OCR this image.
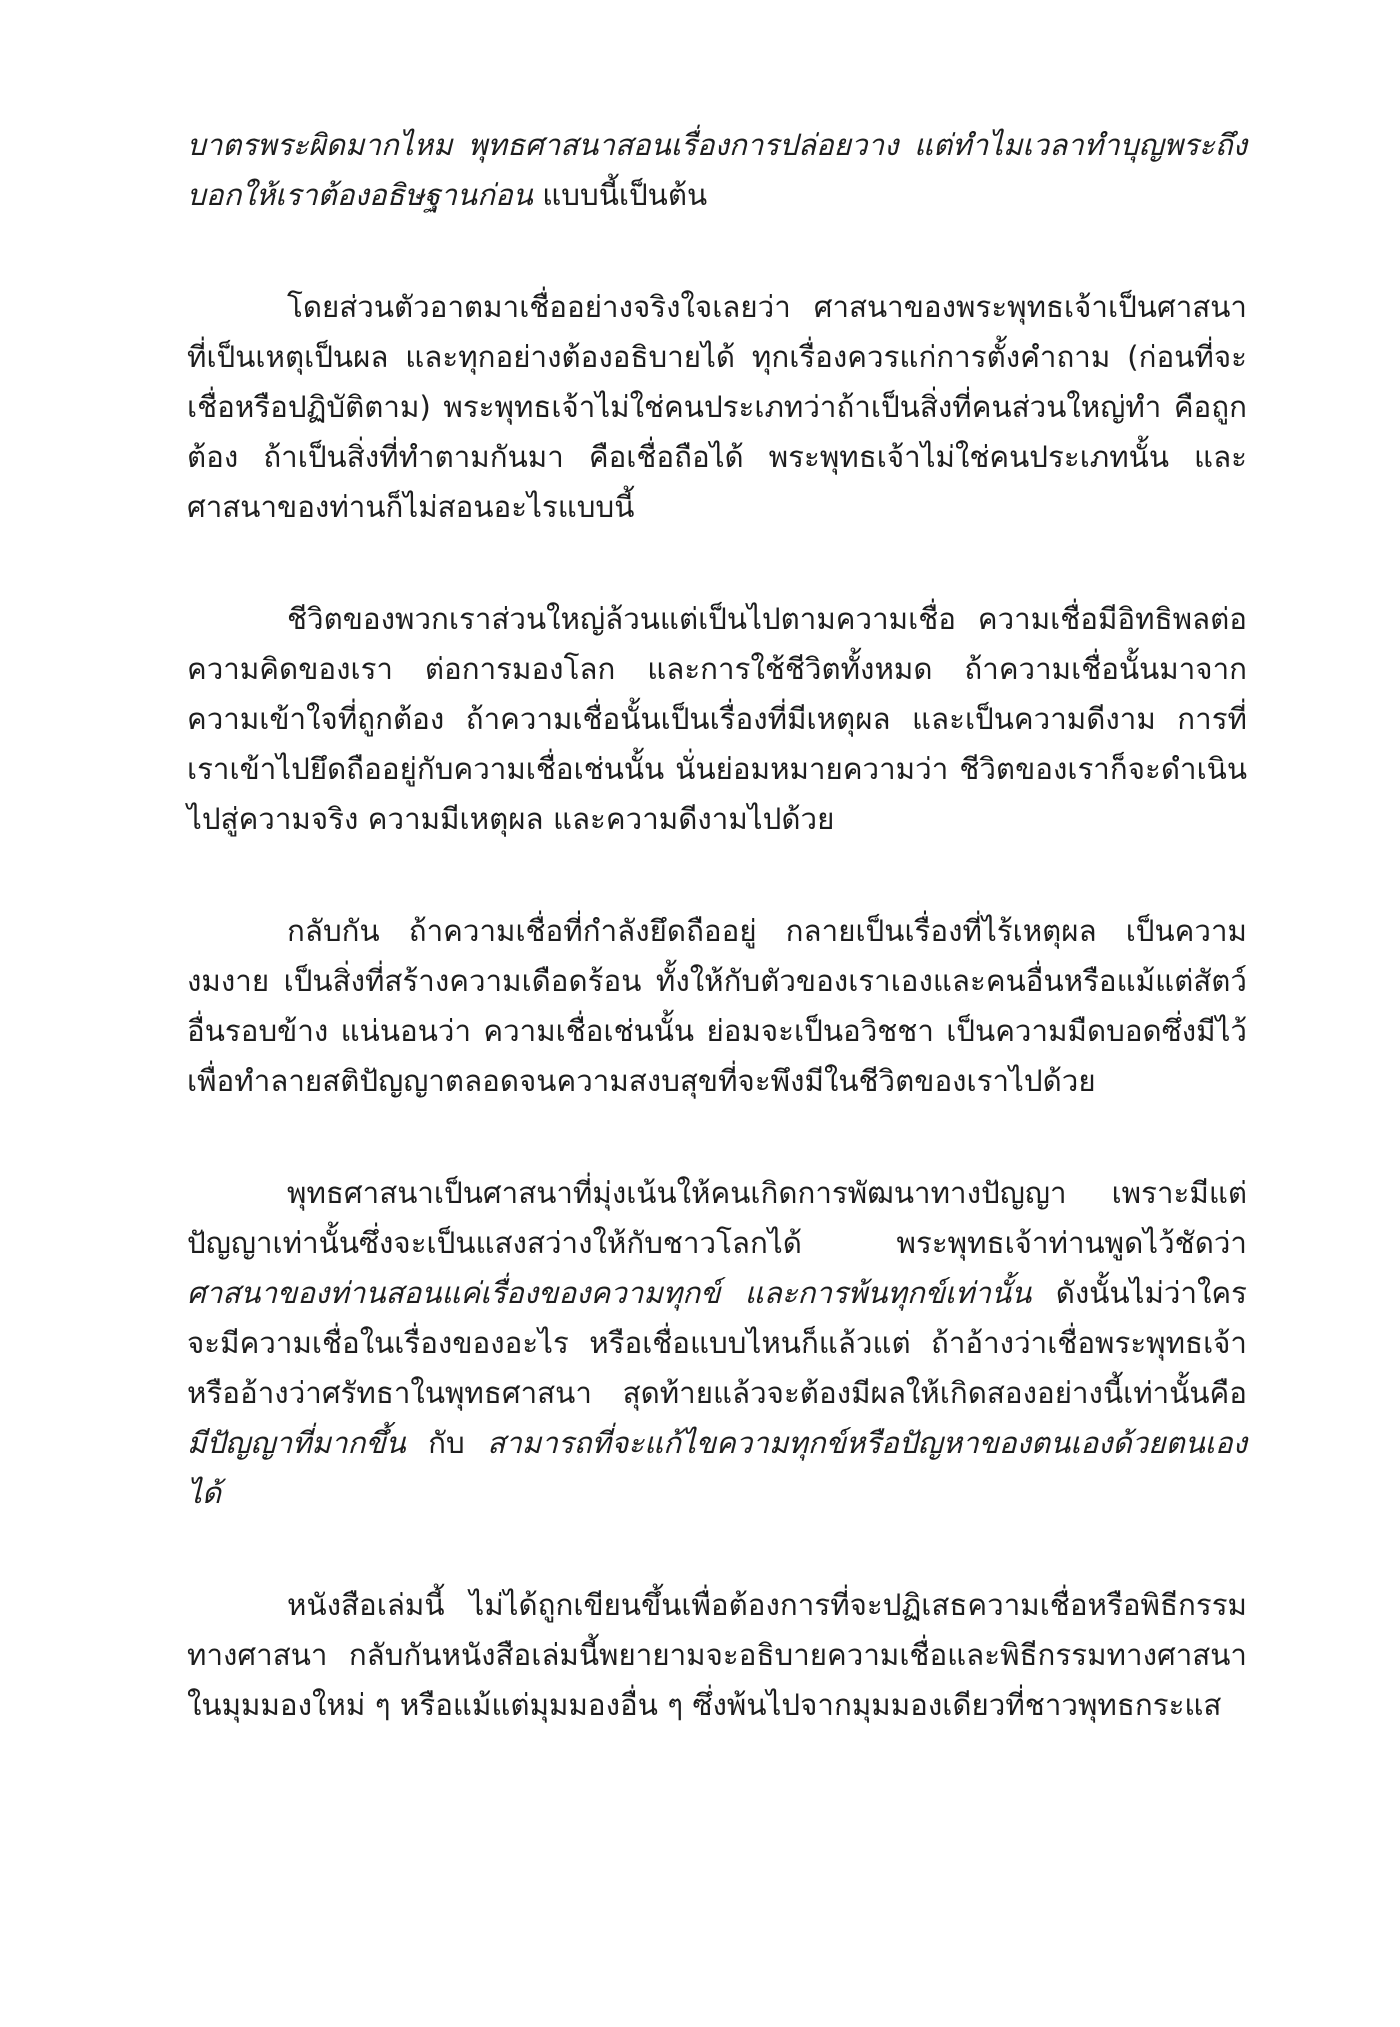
บาตรพระผิดมากไหม พุทธศาสนาสอนเรื่องการปล่อยวาง แต่ทำไมเวลาทำบุญพระถึงบอกให้เราต้องอธิษฐานก่อน แบบนี้เป็นต้น

โดยส่วนตัวอาตมาเชื่ออย่างจริงใจเลยว่า ศาสนาของพระพุทธเจ้าเป็นศาสนาที่เป็นเหตุเป็นผล และทุกอย่างต้องอธิบายได้ ทุกเรื่องควรแก่การตั้งคำถาม (ก่อนที่จะเชื่อหรือปฏิบัติตาม) พระพุทธเจ้าไม่ใช่คนประเภทว่าถ้าเป็นสิ่งที่คนส่วนใหญ่ทำ คือถูกต้อง ถ้าเป็นสิ่งที่ทำตามกันมา คือเชื่อถือได้ พระพุทธเจ้าไม่ใช่คนประเภทนั้น และศาสนาของท่านก็ไม่สอนอะไรแบบนี้

ชีวิตของพวกเราส่วนใหญ่ล้วนแต่เป็นไปตามความเชื่อ ความเชื่อมีอิทธิพลต่อความคิดของเรา ต่อการมองโลก และการใช้ชีวิตทั้งหมด ถ้าความเชื่อนั้นมาจากความเข้าใจที่ถูกต้อง ถ้าความเชื่อนั้นเป็นเรื่องที่มีเหตุผล และเป็นความดีงาม การที่เราเข้าไปยึดถืออยู่กับความเชื่อเช่นนั้น นั่นย่อมหมายความว่า ชีวิตของเราก็จะดำเนินไปสู่ความจริง ความมีเหตุผล และความดีงามไปด้วย

กลับกัน ถ้าความเชื่อที่กำลังยึดถืออยู่ กลายเป็นเรื่องที่ไร้เหตุผล เป็นความงมงาย เป็นสิ่งที่สร้างความเดือดร้อน ทั้งให้กับตัวของเราเองและคนอื่นหรือแม้แต่สัตว์อื่นรอบข้าง แน่นอนว่า ความเชื่อเช่นนั้น ย่อมจะเป็นอวิชชา เป็นความมืดบอดซึ่งมีไว้เพื่อทำลายสติปัญญาตลอดจนความสงบสุขที่จะพึงมีในชีวิตของเราไปด้วย

พุทธศาสนาเป็นศาสนาที่มุ่งเน้นให้คนเกิดการพัฒนาทางปัญญา เพราะมีแต่ปัญญาเท่านั้นซึ่งจะเป็นแสงสว่างให้กับชาวโลกได้ พระพุทธเจ้าท่านพูดไว้ชัดว่า ศาสนาของท่านสอนแค่เรื่องของความทุกข์ และการพ้นทุกข์เท่านั้น ดังนั้นไม่ว่าใครจะมีความเชื่อในเรื่องของอะไร หรือเชื่อแบบไหนก็แล้วแต่ ถ้าอ้างว่าเชื่อพระพุทธเจ้าหรืออ้างว่าศรัทธาในพุทธศาสนา สุดท้ายแล้วจะต้องมีผลให้เกิดสองอย่างนี้เท่านั้นคือ มีปัญญาที่มากขึ้น กับ สามารถที่จะแก้ไขความทุกข์หรือปัญหาของตนเองด้วยตนเองได้

หนังสือเล่มนี้ ไม่ได้ถูกเขียนขึ้นเพื่อต้องการที่จะปฏิเสธความเชื่อหรือพิธีกรรมทางศาสนา กลับกันหนังสือเล่มนี้พยายามจะอธิบายความเชื่อและพิธีกรรมทางศาสนาในมุมมองใหม่ ๆ หรือแม้แต่มุมมองอื่น ๆ ซึ่งพ้นไปจากมุมมองเดียวที่ชาวพุทธกระแส
